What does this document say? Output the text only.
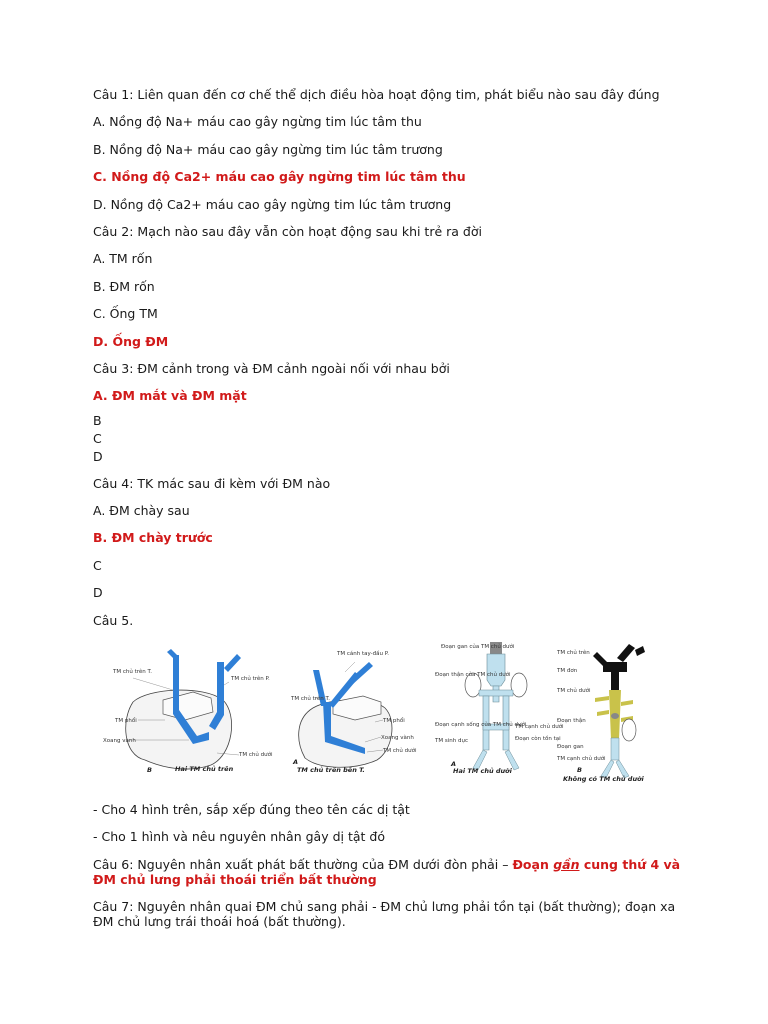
Câu 1: Liên quan đến cơ chế thể dịch điều hòa hoạt động tim, phát biểu nào sau đây đúng

A. Nồng độ Na+ máu cao gây ngừng tim lúc tâm thu

B. Nồng độ Na+ máu cao gây ngừng tim lúc tâm trương

C. Nồng độ Ca2+ máu cao gây ngừng tim lúc tâm thu

D. Nồng độ Ca2+ máu cao gây ngừng tim lúc tâm trương

Câu 2: Mạch nào sau đây vẫn còn hoạt động sau khi trẻ ra đời

A. TM rốn

B. ĐM rốn

C. Ống TM

D. Ống ĐM

Câu 3: ĐM cảnh trong và ĐM cảnh ngoài nối với nhau bởi

A. ĐM mắt và ĐM mặt

B

C

D

Câu 4: TK mác sau đi kèm với ĐM nào

A. ĐM chày sau

B. ĐM chày trước

C

D

Câu 5.

TM chủ trên T.
TM chủ trên P.
TM phổi
Xoang vành
TM chủ dưới
B	Hai TM chủ trên
TM cánh tay-đầu P.
TM chủ trên T.
TM phổi
Xoang vành
TM chủ dưới
A
TM chủ trên bên T.
Đoạn gan của TM chủ dưới
Đoạn thận của TM chủ dưới
Đoạn cạnh sống của TM chủ dưới
TM sinh dục
TM cạnh chủ dưới
Đoạn còn tồn tại
A
Hai TM chủ dưới
TM chủ trên
TM đơn
TM chủ dưới
Đoạn thận
Đoạn gan
TM cạnh chủ dưới
B
Không có TM chủ dưới

- Cho 4 hình trên, sắp xếp đúng theo tên các dị tật

- Cho 1 hình và nêu nguyên nhân gây dị tật đó

Câu 6: Nguyên nhân xuất phát bất thường của ĐM dưới đòn phải – Đoạn gần cung thứ 4 và ĐM chủ lưng phải thoái triển bất thường

Câu 7: Nguyên nhân quai ĐM chủ sang phải - ĐM chủ lưng phải tồn tại (bất thường); đoạn xa ĐM chủ lưng trái thoái hoá (bất thường).
